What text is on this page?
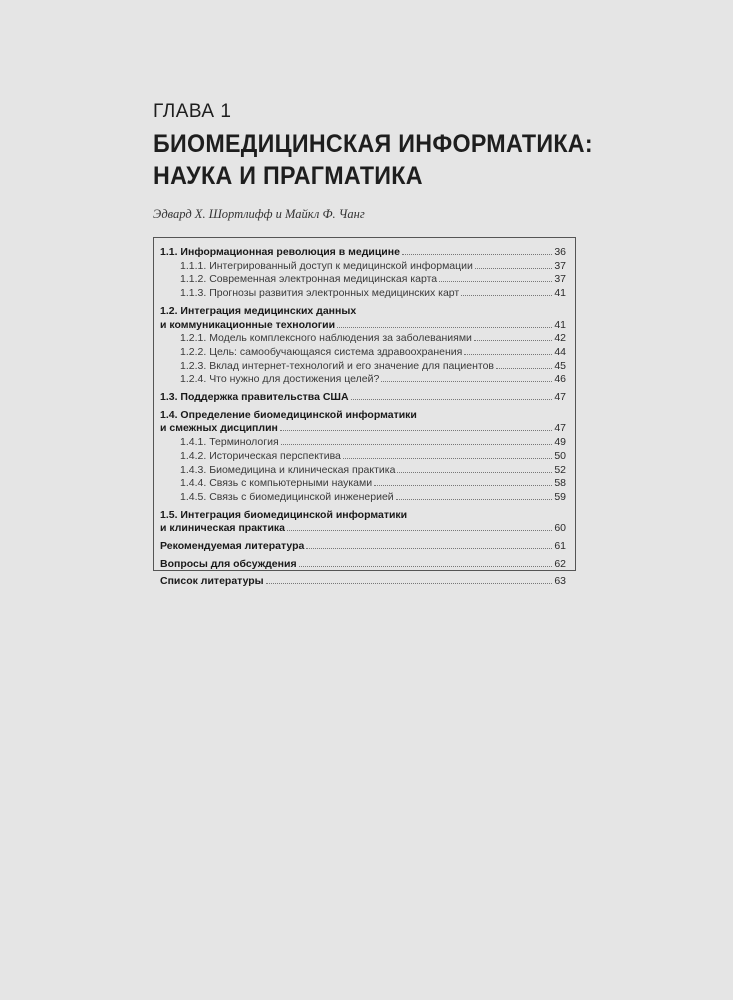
ГЛАВА 1
БИОМЕДИЦИНСКАЯ ИНФОРМАТИКА:
НАУКА И ПРАГМАТИКА
Эдвард Х. Шортлифф и Майкл Ф. Чанг
1.1. Информационная революция в медицине	36
1.1.1. Интегрированный доступ к медицинской информации	37
1.1.2. Современная электронная медицинская карта	37
1.1.3. Прогнозы развития электронных медицинских карт	41
1.2. Интеграция медицинских данных
и коммуникационные технологии	41
1.2.1. Модель комплексного наблюдения за заболеваниями	42
1.2.2. Цель: самообучающаяся система здравоохранения	44
1.2.3. Вклад интернет-технологий и его значение для пациентов	45
1.2.4. Что нужно для достижения целей?	46
1.3. Поддержка правительства США	47
1.4. Определение биомедицинской информатики
и смежных дисциплин	47
1.4.1. Терминология	49
1.4.2. Историческая перспектива	50
1.4.3. Биомедицина и клиническая практика	52
1.4.4. Связь с компьютерными науками	58
1.4.5. Связь с биомедицинской инженерией	59
1.5. Интеграция биомедицинской информатики
и клиническая практика	60
Рекомендуемая литература	61
Вопросы для обсуждения	62
Список литературы	63
